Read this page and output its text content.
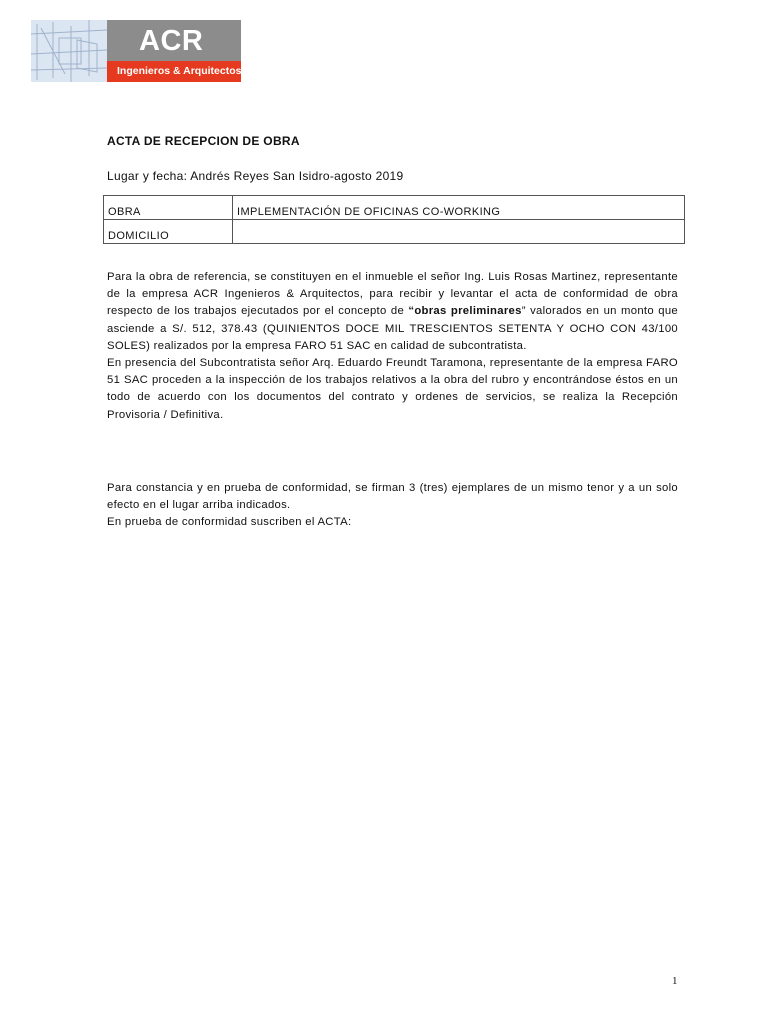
ACR
Ingenieros & Arquitectos
ACTA DE RECEPCION DE OBRA
Lugar y fecha: Andrés Reyes San Isidro-agosto 2019
OBRA	IMPLEMENTACIÓN DE OFICINAS CO-WORKING
DOMICILIO	

Para la obra de referencia, se constituyen en el inmueble el señor Ing. Luis Rosas Martinez, representante de la empresa ACR Ingenieros & Arquitectos, para recibir y levantar el acta de conformidad de obra respecto de los trabajos ejecutados por el concepto de “obras preliminares” valorados en un monto que asciende a S/. 512, 378.43 (QUINIENTOS DOCE MIL TRESCIENTOS SETENTA Y OCHO CON 43/100 SOLES) realizados por la empresa FARO 51 SAC en calidad de subcontratista.

En presencia del Subcontratista señor Arq. Eduardo Freundt Taramona, representante de la empresa FARO 51 SAC proceden a la inspección de los trabajos relativos a la obra del rubro y encontrándose éstos en un todo de acuerdo con los documentos del contrato y ordenes de servicios, se realiza la Recepción Provisoria / Definitiva.

Para constancia y en prueba de conformidad, se firman 3 (tres) ejemplares de un mismo tenor y a un solo efecto en el lugar arriba indicados.

En prueba de conformidad suscriben el ACTA:

1
